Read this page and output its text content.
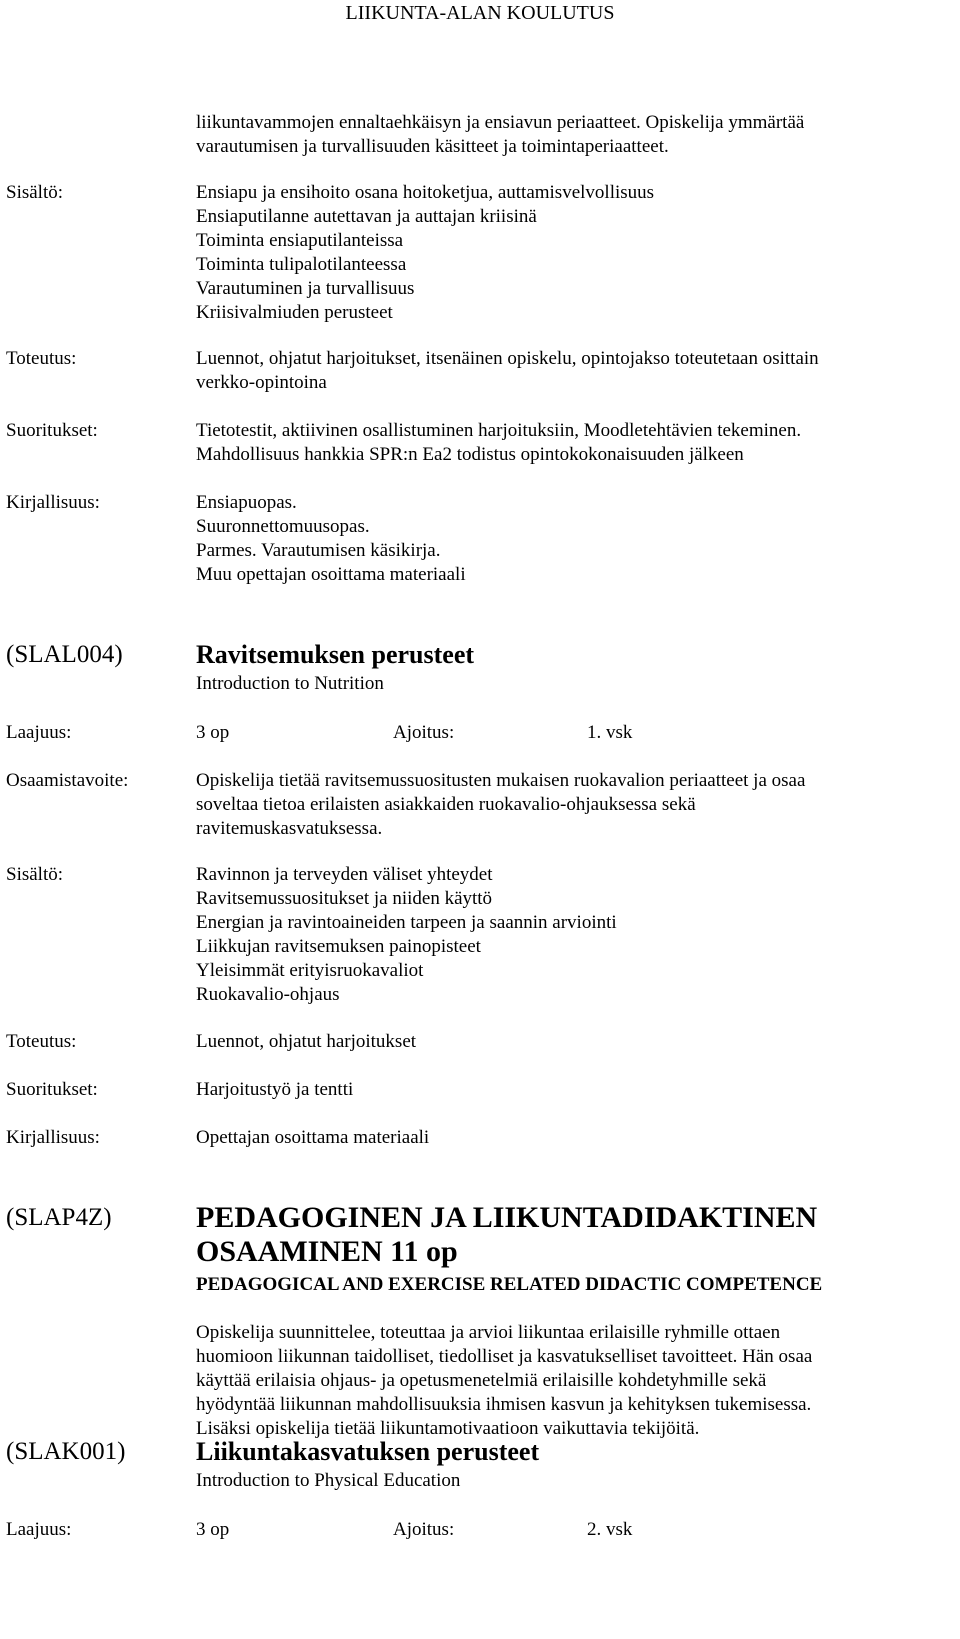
LIIKUNTA-ALAN KOULUTUS
liikuntavammojen ennaltaehkäisyn ja ensiavun periaatteet. Opiskelija ymmärtää
varautumisen ja turvallisuuden käsitteet ja toimintaperiaatteet.
Sisältö:	Ensiapu ja ensihoito osana hoitoketjua, auttamisvelvollisuus
Ensiaputilanne autettavan ja auttajan kriisinä
Toiminta ensiaputilanteissa
Toiminta tulipalotilanteessa
Varautuminen ja turvallisuus
Kriisivalmiuden perusteet
Toteutus:	Luennot, ohjatut harjoitukset, itsenäinen opiskelu, opintojakso toteutetaan osittain
verkko-opintoina
Suoritukset:	Tietotestit, aktiivinen osallistuminen harjoituksiin, Moodletehtävien tekeminen.
Mahdollisuus hankkia SPR:n Ea2 todistus opintokokonaisuuden jälkeen
Kirjallisuus:	Ensiapuopas.
Suuronnettomuusopas.
Parmes. Varautumisen käsikirja.
Muu opettajan osoittama materiaali
(SLAL004)	Ravitsemuksen perusteet
Introduction to Nutrition
Laajuus:	3 op	Ajoitus:	1. vsk
Osaamistavoite:	Opiskelija tietää ravitsemussuositusten mukaisen ruokavalion periaatteet ja osaa
soveltaa tietoa erilaisten asiakkaiden ruokavalio-ohjauksessa sekä
ravitemuskasvatuksessa.
Sisältö:	Ravinnon ja terveyden väliset yhteydet
Ravitsemussuositukset ja niiden käyttö
Energian ja ravintoaineiden tarpeen ja saannin arviointi
Liikkujan ravitsemuksen painopisteet
Yleisimmät erityisruokavaliot
Ruokavalio-ohjaus
Toteutus:	Luennot, ohjatut harjoitukset
Suoritukset:	Harjoitustyö ja tentti
Kirjallisuus:	Opettajan osoittama materiaali
(SLAP4Z)	PEDAGOGINEN JA LIIKUNTADIDAKTINEN
OSAAMINEN 11 op
PEDAGOGICAL AND EXERCISE RELATED DIDACTIC COMPETENCE
Opiskelija suunnittelee, toteuttaa ja arvioi liikuntaa erilaisille ryhmille ottaen
huomioon liikunnan taidolliset, tiedolliset ja kasvatukselliset tavoitteet. Hän osaa
käyttää erilaisia ohjaus- ja opetusmenetelmiä erilaisille kohdetyhmille sekä
hyödyntää liikunnan mahdollisuuksia ihmisen kasvun ja kehityksen tukemisessa.
Lisäksi opiskelija tietää liikuntamotivaatioon vaikuttavia tekijöitä.
(SLAK001)	Liikuntakasvatuksen perusteet
Introduction to Physical Education
Laajuus:	3 op	Ajoitus:	2. vsk
